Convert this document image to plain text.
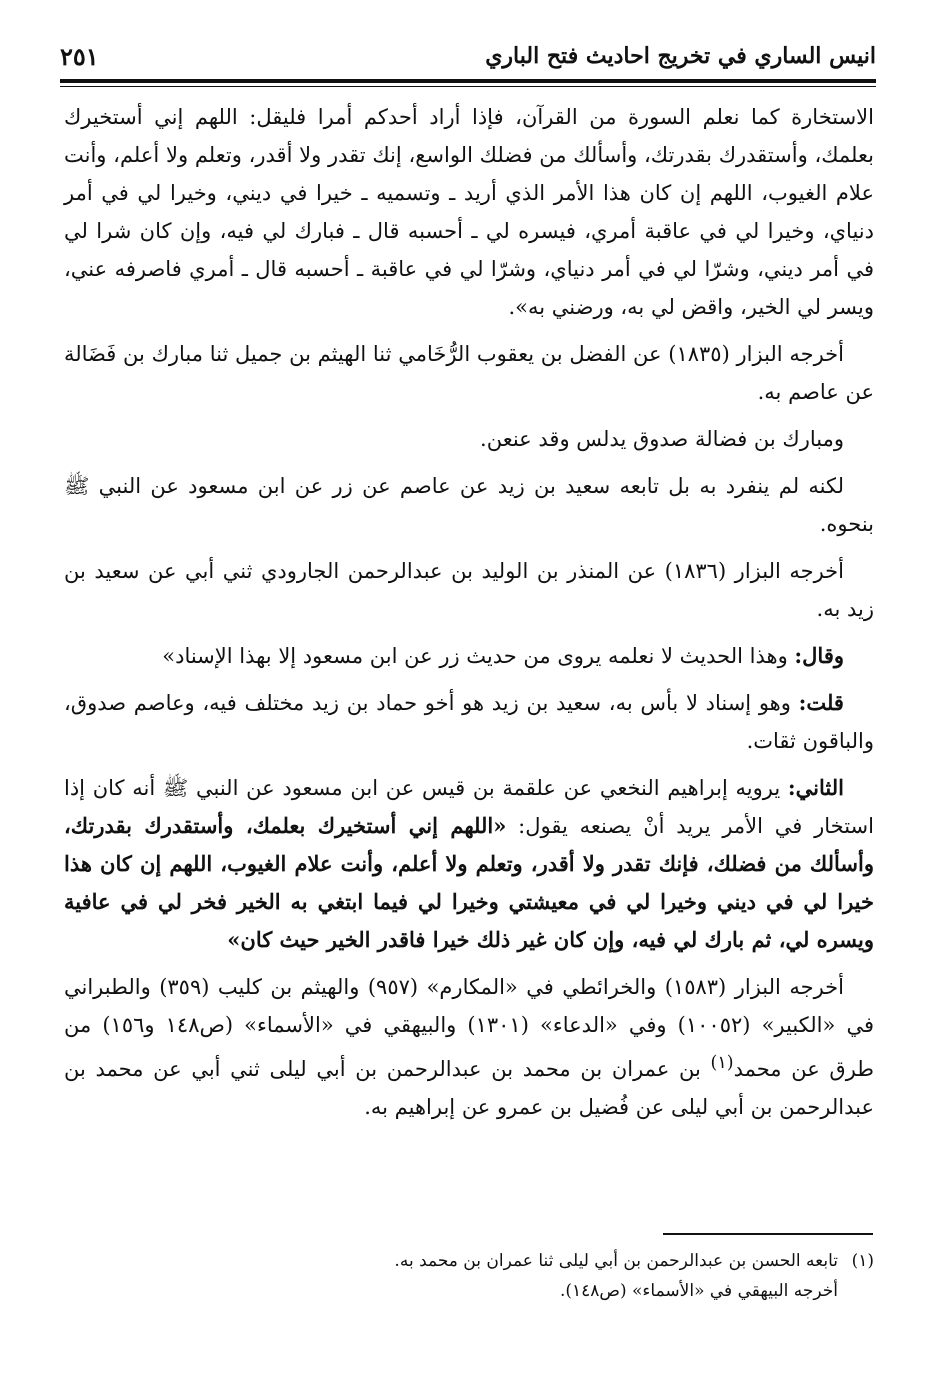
انيس الساري في تخريج احاديث فتح الباري
٢٥١

الاستخارة كما نعلم السورة من القرآن، فإذا أراد أحدكم أمرا فليقل: اللهم إني أستخيرك بعلمك، وأستقدرك بقدرتك، وأسألك من فضلك الواسع، إنك تقدر ولا أقدر، وتعلم ولا أعلم، وأنت علام الغيوب، اللهم إن كان هذا الأمر الذي أريد ـ وتسميه ـ خيرا في ديني، وخيرا لي في أمر دنياي، وخيرا لي في عاقبة أمري، فيسره لي ـ أحسبه قال ـ فبارك لي فيه، وإن كان شرا لي في أمر ديني، وشرّا لي في أمر دنياي، وشرّا لي في عاقبة ـ أحسبه قال ـ أمري فاصرفه عني، ويسر لي الخير، واقض لي به، ورضني به».

أخرجه البزار (١٨٣٥) عن الفضل بن يعقوب الرُّخَامي ثنا الهيثم بن جميل ثنا مبارك بن فَضَالة عن عاصم به.

ومبارك بن فضالة صدوق يدلس وقد عنعن.

لكنه لم ينفرد به بل تابعه سعيد بن زيد عن عاصم عن زر عن ابن مسعود عن النبي ﷺ بنحوه.

أخرجه البزار (١٨٣٦) عن المنذر بن الوليد بن عبدالرحمن الجارودي ثني أبي عن سعيد بن زيد به.

وقال: وهذا الحديث لا نعلمه يروى من حديث زر عن ابن مسعود إلا بهذا الإسناد»

قلت: وهو إسناد لا بأس به، سعيد بن زيد هو أخو حماد بن زيد مختلف فيه، وعاصم صدوق، والباقون ثقات.

الثاني: يرويه إبراهيم النخعي عن علقمة بن قيس عن ابن مسعود عن النبي ﷺ أنه كان إذا استخار في الأمر يريد أنْ يصنعه يقول: «اللهم إني أستخيرك بعلمك، وأستقدرك بقدرتك، وأسألك من فضلك، فإنك تقدر ولا أقدر، وتعلم ولا أعلم، وأنت علام الغيوب، اللهم إن كان هذا خيرا لي في ديني وخيرا لي في معيشتي وخيرا لي فيما ابتغي به الخير فخر لي في عافية ويسره لي، ثم بارك لي فيه، وإن كان غير ذلك خيرا فاقدر الخير حيث كان»

أخرجه البزار (١٥٨٣) والخرائطي في «المكارم» (٩٥٧) والهيثم بن كليب (٣٥٩) والطبراني في «الكبير» (١٠٠٥٢) وفي «الدعاء» (١٣٠١) والبيهقي في «الأسماء» (ص١٤٨ و١٥٦) من طرق عن محمد$^{(١)}$ بن عمران بن محمد بن عبدالرحمن بن أبي ليلى ثني أبي عن محمد بن عبدالرحمن بن أبي ليلى عن فُضيل بن عمرو عن إبراهيم به.

(١)تابعه الحسن بن عبدالرحمن بن أبي ليلى ثنا عمران بن محمد به.

أخرجه البيهقي في «الأسماء» (ص١٤٨).
